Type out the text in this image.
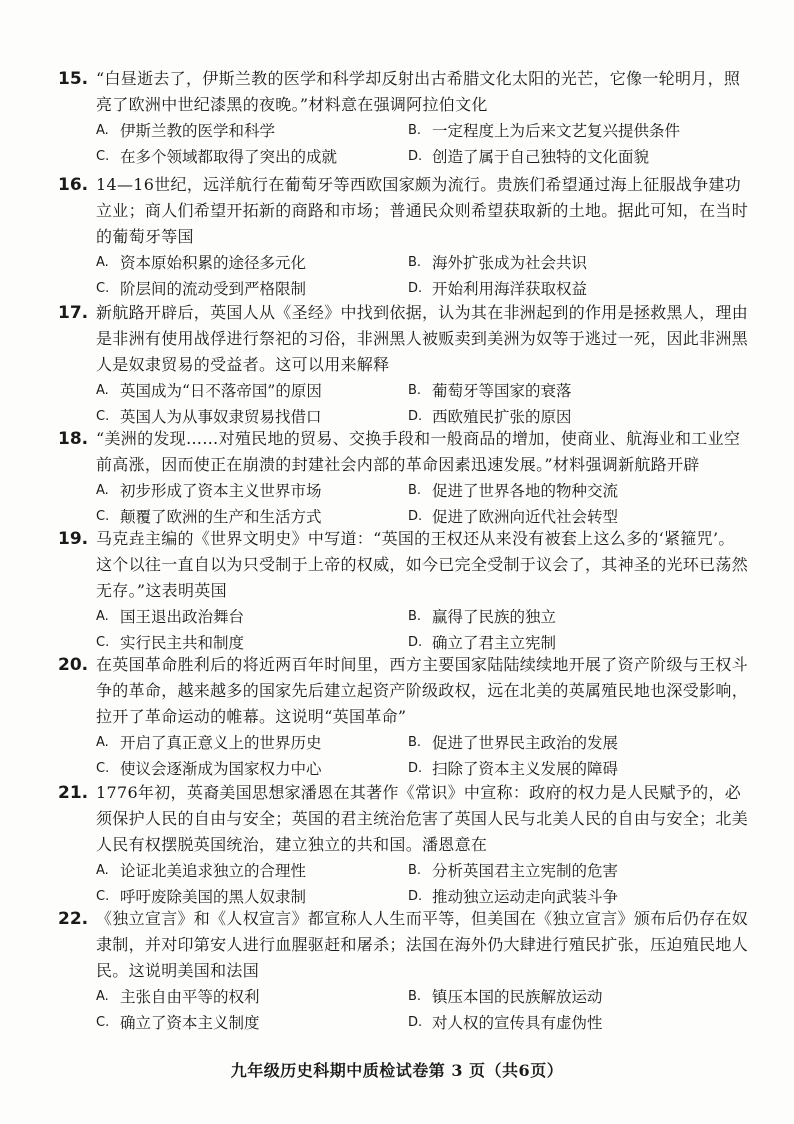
15. “白昼逝去了，伊斯兰教的医学和科学却反射出古希腊文化太阳的光芒，它像一轮明月，照亮了欧洲中世纪漆黑的夜晚。”材料意在强调阿拉伯文化
A. 伊斯兰教的医学和科学	B. 一定程度上为后来文艺复兴提供条件
C. 在多个领域都取得了突出的成就	D. 创造了属于自己独特的文化面貌
16. 14—16世纪，远洋航行在葡萄牙等西欧国家颇为流行。贵族们希望通过海上征服战争建功立业；商人们希望开拓新的商路和市场；普通民众则希望获取新的土地。据此可知，在当时的葡萄牙等国
A. 资本原始积累的途径多元化	B. 海外扩张成为社会共识
C. 阶层间的流动受到严格限制	D. 开始利用海洋获取权益
17. 新航路开辟后，英国人从《圣经》中找到依据，认为其在非洲起到的作用是拯救黑人，理由是非洲有使用战俘进行祭祀的习俗，非洲黑人被贩卖到美洲为奴等于逃过一死，因此非洲黑人是奴隶贸易的受益者。这可以用来解释
A. 英国成为“日不落帝国”的原因	B. 葡萄牙等国家的衰落
C. 英国人为从事奴隶贸易找借口	D. 西欧殖民扩张的原因
18. “美洲的发现……对殖民地的贸易、交换手段和一般商品的增加，使商业、航海业和工业空前高涨，因而使正在崩溃的封建社会内部的革命因素迅速发展。”材料强调新航路开辟
A. 初步形成了资本主义世界市场	B. 促进了世界各地的物种交流
C. 颠覆了欧洲的生产和生活方式	D. 促进了欧洲向近代社会转型
19. 马克垚主编的《世界文明史》中写道：“英国的王权还从来没有被套上这么多的‘紧箍咒’。这个以往一直自以为只受制于上帝的权威，如今已完全受制于议会了，其神圣的光环已荡然无存。”这表明英国
A. 国王退出政治舞台	B. 赢得了民族的独立
C. 实行民主共和制度	D. 确立了君主立宪制
20. 在英国革命胜利后的将近两百年时间里，西方主要国家陆陆续续地开展了资产阶级与王权斗争的革命，越来越多的国家先后建立起资产阶级政权，远在北美的英属殖民地也深受影响，拉开了革命运动的帷幕。这说明“英国革命”
A. 开启了真正意义上的世界历史	B. 促进了世界民主政治的发展
C. 使议会逐渐成为国家权力中心	D. 扫除了资本主义发展的障碍
21. 1776年初，英裔美国思想家潘恩在其著作《常识》中宣称：政府的权力是人民赋予的，必须保护人民的自由与安全；英国的君主统治危害了英国人民与北美人民的自由与安全；北美人民有权摆脱英国统治，建立独立的共和国。潘恩意在
A. 论证北美追求独立的合理性	B. 分析英国君主立宪制的危害
C. 呼吁废除美国的黑人奴隶制	D. 推动独立运动走向武装斗争
22. 《独立宣言》和《人权宣言》都宣称人人生而平等，但美国在《独立宣言》颁布后仍存在奴隶制，并对印第安人进行血腥驱赶和屠杀；法国在海外仍大肆进行殖民扩张，压迫殖民地人民。这说明美国和法国
A. 主张自由平等的权利	B. 镇压本国的民族解放运动
C. 确立了资本主义制度	D. 对人权的宣传具有虚伪性
九年级历史科期中质检试卷第 3 页（共6页）
